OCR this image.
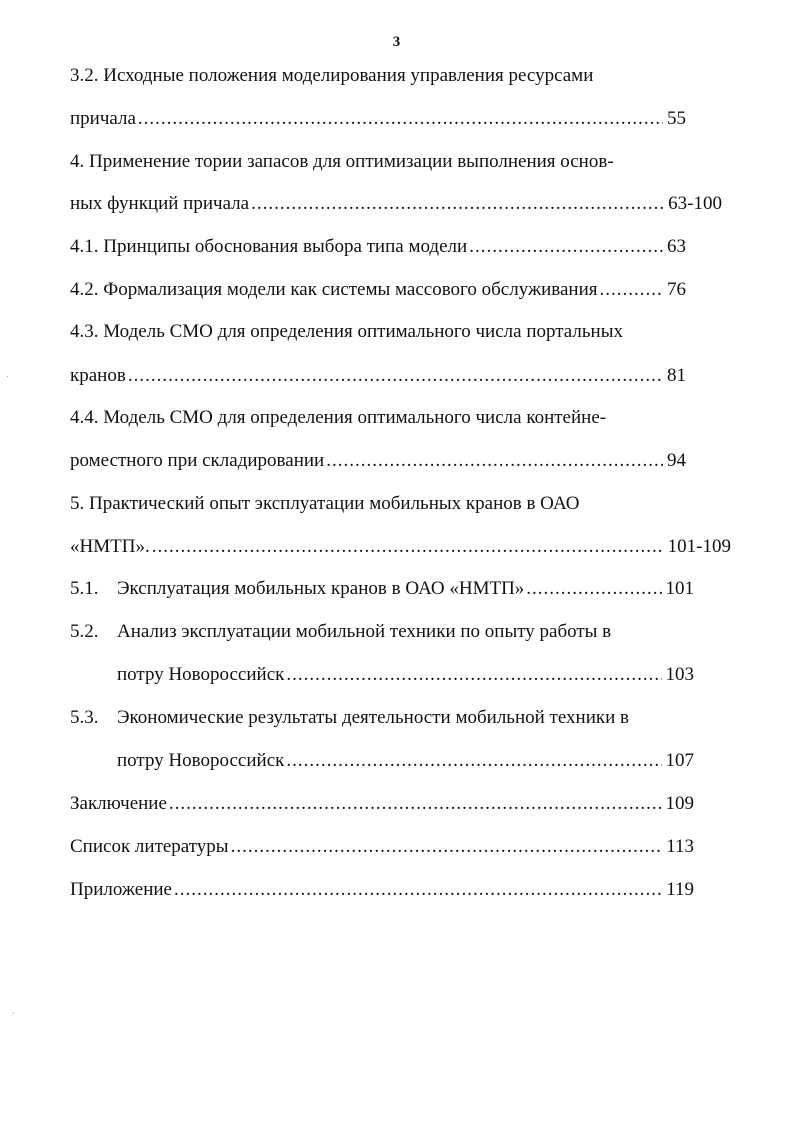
3
3.2. Исходные положения моделирования управления ресурсами
причала .....	55
4. Применение тории запасов для оптимизации выполнения основ-
ных функций причала .....	63-100
4.1. Принципы обоснования выбора типа модели .....	63
4.2. Формализация модели как системы массового обслуживания .....	76
4.3. Модель СМО для определения оптимального числа портальных
кранов .....	81
4.4. Модель СМО для определения оптимального числа контейне-
роместного при складировании .....	94
5. Практический опыт эксплуатации мобильных кранов в ОАО
«НМТП». .....	101-109
5.1. Эксплуатация мобильных кранов в ОАО «НМТП» .....	101
5.2. Анализ эксплуатации мобильной техники по опыту работы в
потру Новороссийск .....	103
5.3. Экономические результаты деятельности мобильной техники в
потру Новороссийск .....	107
Заключение .....	109
Список литературы .....	113
Приложение .....	119
·
`
